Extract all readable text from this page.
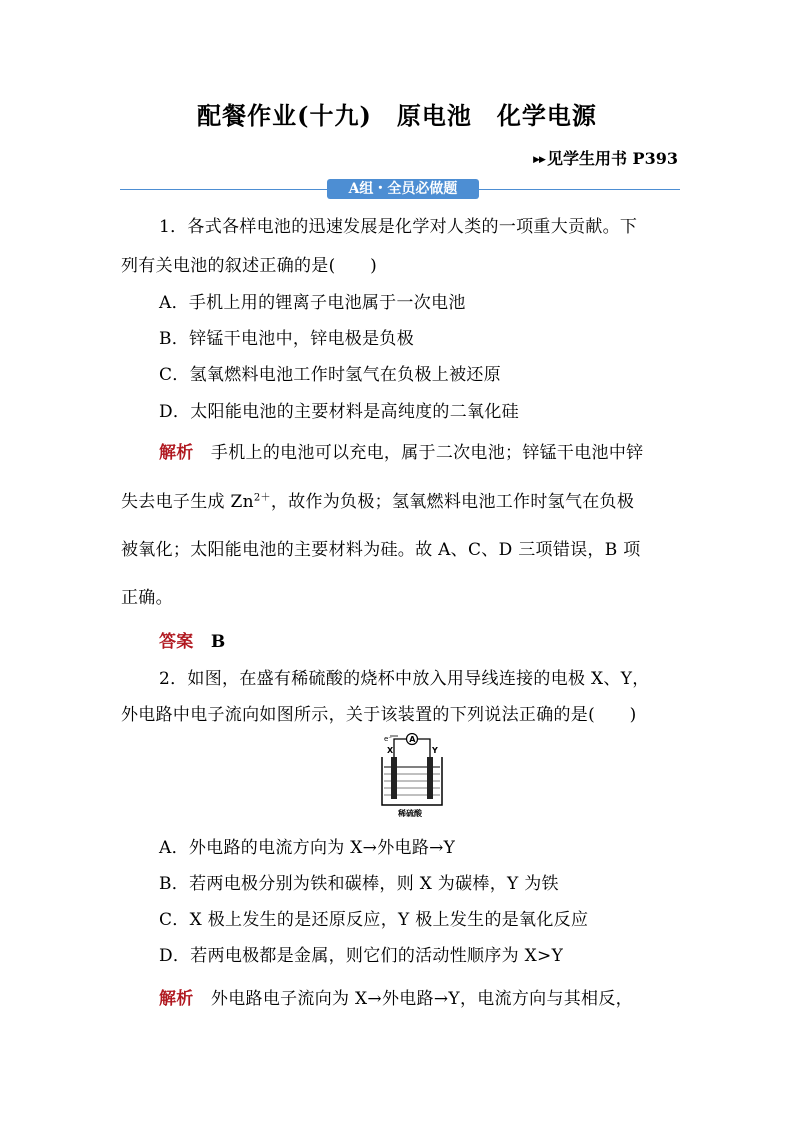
配餐作业(十九)　原电池　化学电源
▶▶ 见学生用书 P393
A组・全员必做题
1．各式各样电池的迅速发展是化学对人类的一项重大贡献。下
列有关电池的叙述正确的是(　　)
A．手机上用的锂离子电池属于一次电池
B．锌锰干电池中，锌电极是负极
C．氢氧燃料电池工作时氢气在负极上被还原
D．太阳能电池的主要材料是高纯度的二氧化硅
解析　 手机上的电池可以充电，属于二次电池；锌锰干电池中锌
失去电子生成 $Zn^{2+}$，故作为负极；氢氧燃料电池工作时氢气在负极
被氧化；太阳能电池的主要材料为硅。故 A、C、D 三项错误，B 项
正确。
答案　 B
2．如图，在盛有稀硫酸的烧杯中放入用导线连接的电极 X、Y，
外电路中电子流向如图所示，关于该装置的下列说法正确的是(　　)
e⁻ A
X	Y
稀硫酸
A．外电路的电流方向为 X→外电路→Y
B．若两电极分别为铁和碳棒，则 X 为碳棒，Y 为铁
C．X 极上发生的是还原反应，Y 极上发生的是氧化反应
D．若两电极都是金属，则它们的活动性顺序为 X>Y
解析　 外电路电子流向为 X→外电路→Y，电流方向与其相反，
